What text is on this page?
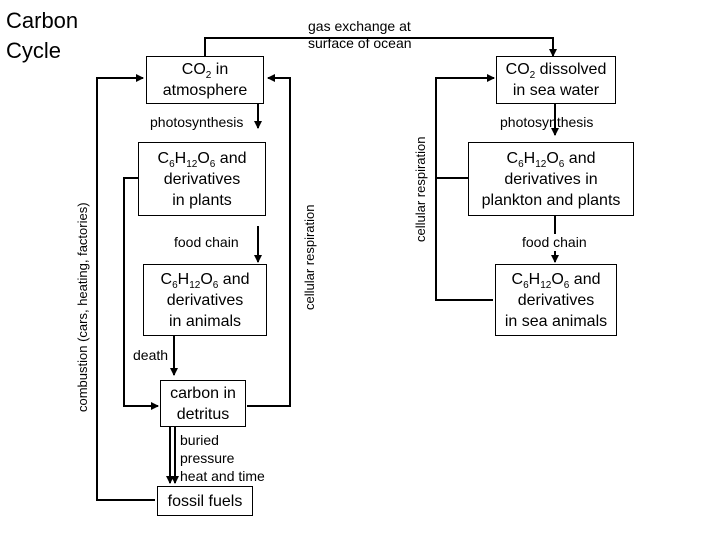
Carbon
Cycle
gas exchange at
surface of ocean
$CO_2$ in
atmosphere
$CO_2$ dissolved
in sea water
photosynthesis	photosynthesis
$C_6H_{12}O_6$ and
derivatives
in plants
$C_6H_{12}O_6$ and
derivatives in
plankton and plants
food chain	food chain
$C_6H_{12}O_6$ and
derivatives
in animals
$C_6H_{12}O_6$ and
derivatives
in sea animals
death
carbon in
detritus
buried
pressure
heat and time
fossil fuels
combustion (cars, heating, factories)	cellular respiration
cellular respiration
